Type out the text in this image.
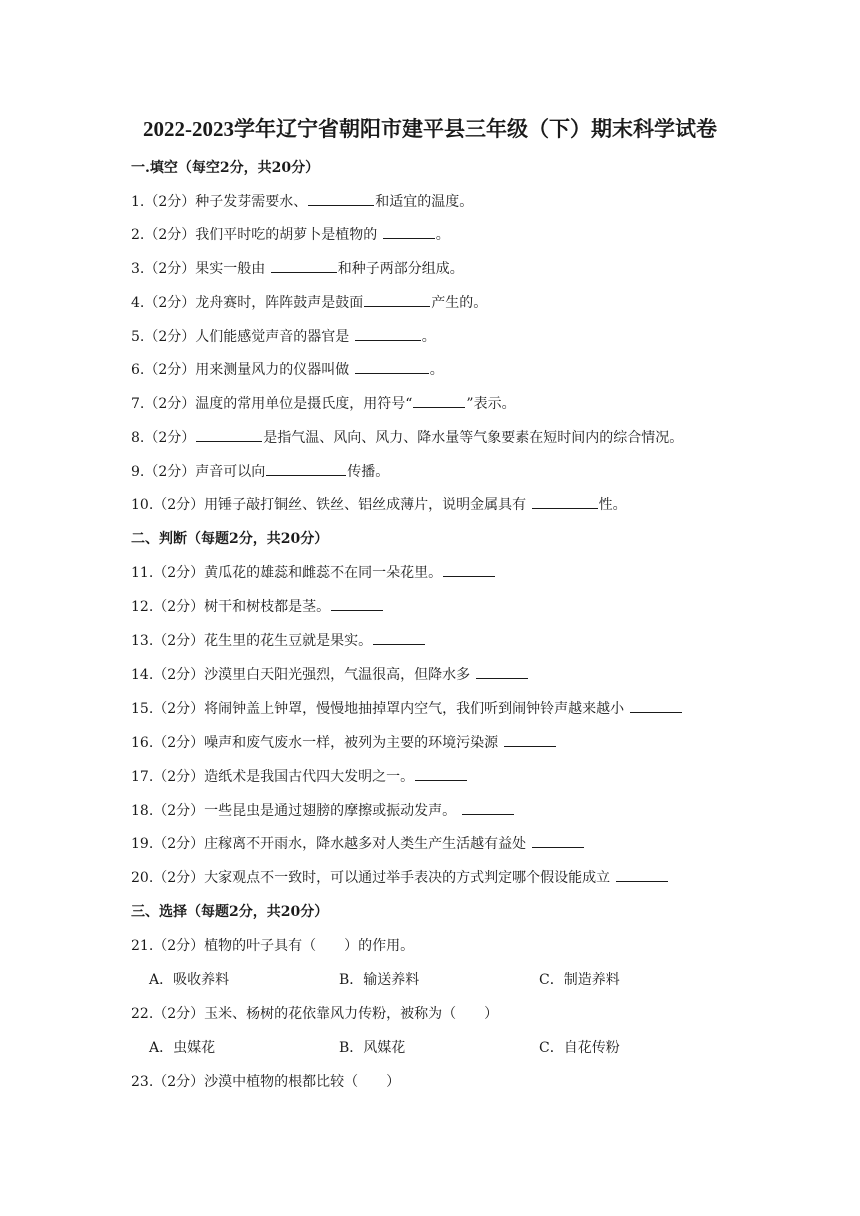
2022-2023学年辽宁省朝阳市建平县三年级（下）期末科学试卷
一.填空（每空2分，共20分）
1.（2分）种子发芽需要水、	和适宜的温度。
2.（2分）我们平时吃的胡萝卜是植物的	。
3.（2分）果实一般由	和种子两部分组成。
4.（2分）龙舟赛时，阵阵鼓声是鼓面	产生的。
5.（2分）人们能感觉声音的器官是	。
6.（2分）用来测量风力的仪器叫做	。
7.（2分）温度的常用单位是摄氏度，用符号“	”表示。
8.（2分）	是指气温、风向、风力、降水量等气象要素在短时间内的综合情况。
9.（2分）声音可以向	传播。
10.（2分）用锤子敲打铜丝、铁丝、铝丝成薄片，说明金属具有	性。
二、判断（每题2分，共20分）
11.（2分）黄瓜花的雄蕊和雌蕊不在同一朵花里。
12.（2分）树干和树枝都是茎。
13.（2分）花生里的花生豆就是果实。
14.（2分）沙漠里白天阳光强烈，气温很高，但降水多
15.（2分）将闹钟盖上钟罩，慢慢地抽掉罩内空气，我们听到闹钟铃声越来越小
16.（2分）噪声和废气废水一样，被列为主要的环境污染源
17.（2分）造纸术是我国古代四大发明之一。
18.（2分）一些昆虫是通过翅膀的摩擦或振动发声。
19.（2分）庄稼离不开雨水，降水越多对人类生产生活越有益处
20.（2分）大家观点不一致时，可以通过举手表决的方式判定哪个假设能成立
三、选择（每题2分，共20分）
21.（2分）植物的叶子具有（　　）的作用。
A．吸收养料	B．输送养料	C．制造养料
22.（2分）玉米、杨树的花依靠风力传粉，被称为（　　）
A．虫媒花	B．风媒花	C．自花传粉
23.（2分）沙漠中植物的根都比较（　　）
